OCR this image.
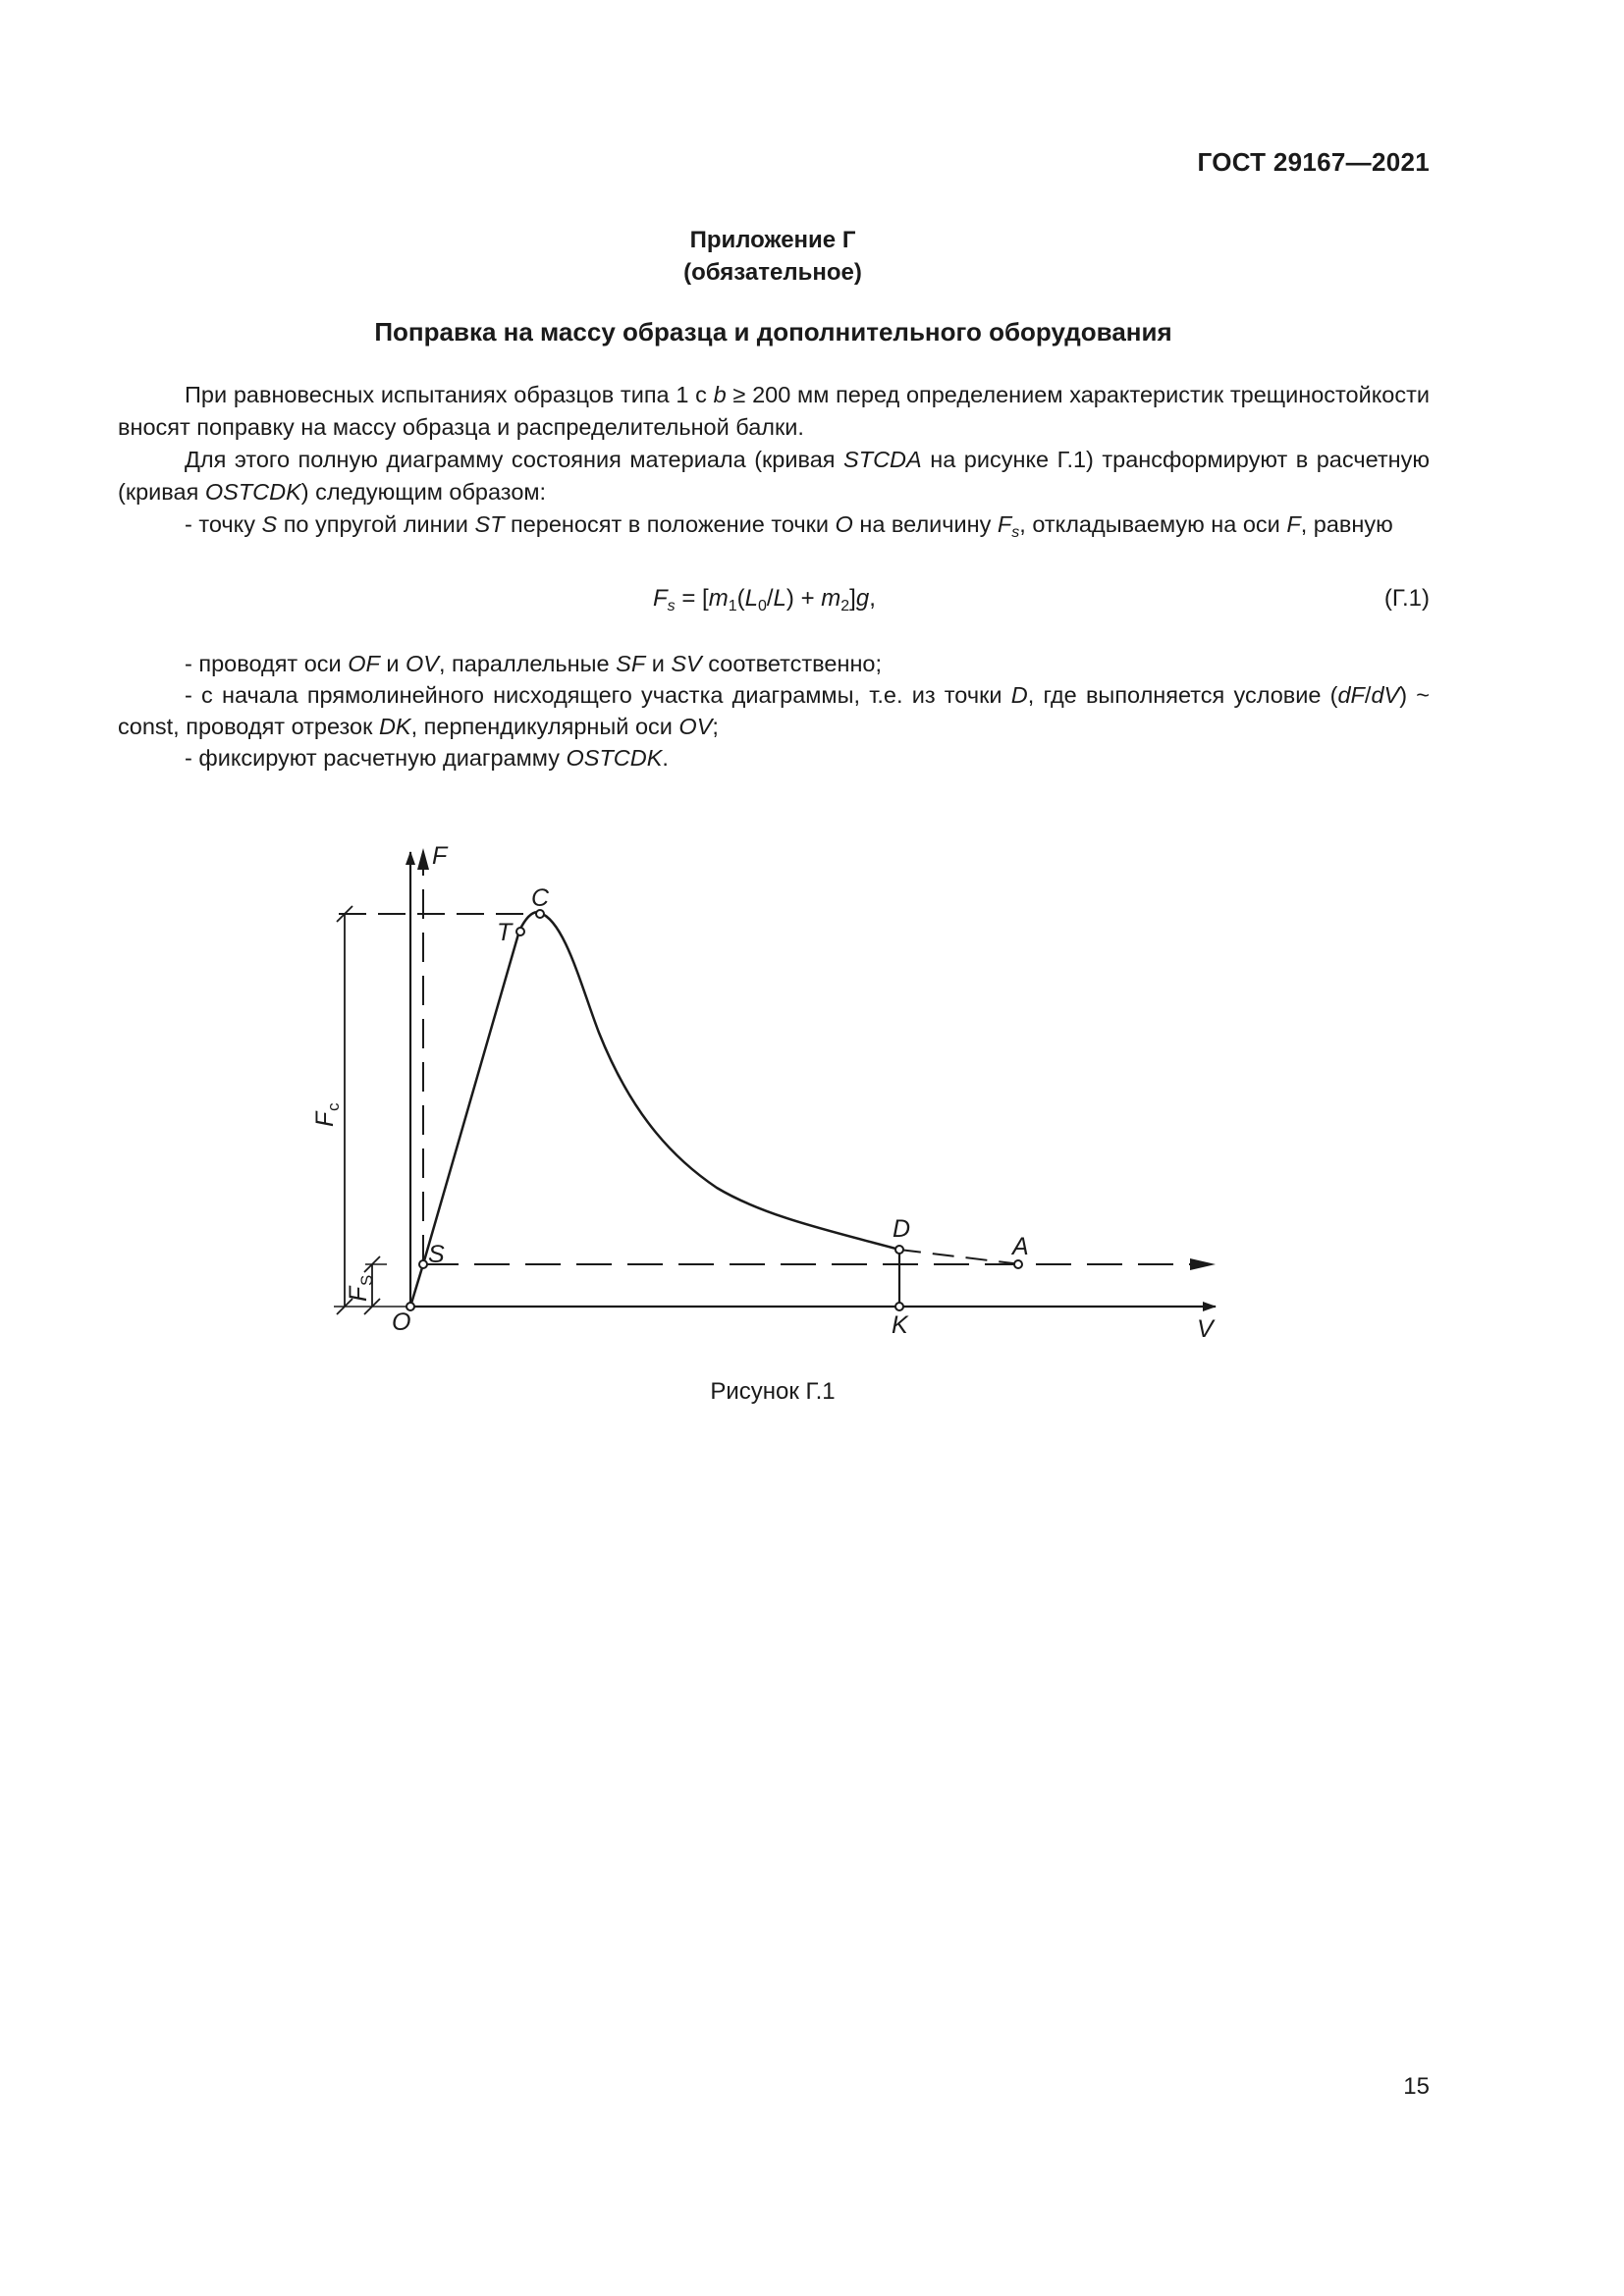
ГОСТ 29167—2021
Приложение Г
(обязательное)
Поправка на массу образца и дополнительного оборудования

При равновесных испытаниях образцов типа 1 с b ≥ 200 мм перед определением характеристик трещиностойкости вносят поправку на массу образца и распределительной балки.

Для этого полную диаграмму состояния материала (кривая STCDA на рисунке Г.1) трансформируют в расчетную (кривая OSTCDK) следующим образом:

- точку S по упругой линии ST переносят в положение точки O на величину $F_s$, откладываемую на оси F, равную

$F_s = [m_1(L_0/L) + m_2]g$,	(Г.1)

- проводят оси OF и OV, параллельные SF и SV соответственно;

- с начала прямолинейного нисходящего участка диаграммы, т.е. из точки D, где выполняется условие (dF/dV) ~ const, проводят отрезок DK, перпендикулярный оси OV;

- фиксируют расчетную диаграмму OSTCDK.

F
C
T
S
D
A
O	K	V
F
c
F
S
Рисунок Г.1
15
